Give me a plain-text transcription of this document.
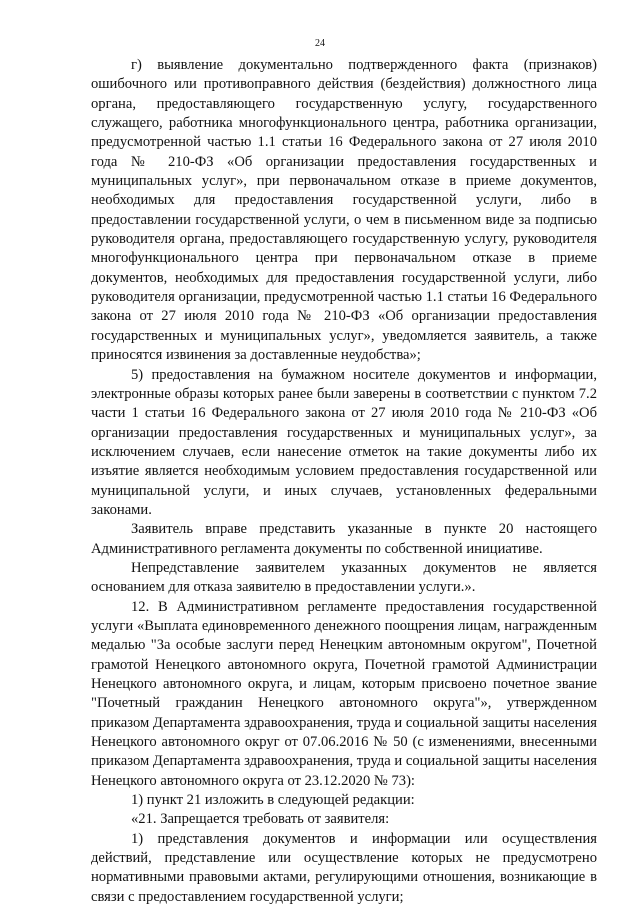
24

г) выявление документально подтвержденного факта (признаков) ошибочного или противоправного действия (бездействия) должностного лица органа, предоставляющего государственную услугу, государственного служащего, работника многофункционального центра, работника организации, предусмотренной частью 1.1 статьи 16 Федерального закона от 27 июля 2010 года № 210-ФЗ «Об организации предоставления государственных и муниципальных услуг», при первоначальном отказе в приеме документов, необходимых для предоставления государственной услуги, либо в предоставлении государственной услуги, о чем в письменном виде за подписью руководителя органа, предоставляющего государственную услугу, руководителя многофункционального центра при первоначальном отказе в приеме документов, необходимых для предоставления государственной услуги, либо руководителя организации, предусмотренной частью 1.1 статьи 16 Федерального закона от 27 июля 2010 года № 210-ФЗ «Об организации предоставления государственных и муниципальных услуг», уведомляется заявитель, а также приносятся извинения за доставленные неудобства»;

5) предоставления на бумажном носителе документов и информации, электронные образы которых ранее были заверены в соответствии с пунктом 7.2 части 1 статьи 16 Федерального закона от 27 июля 2010 года № 210-ФЗ «Об организации предоставления государственных и муниципальных услуг», за исключением случаев, если нанесение отметок на такие документы либо их изъятие является необходимым условием предоставления государственной или муниципальной услуги, и иных случаев, установленных федеральными законами.

Заявитель вправе представить указанные в пункте 20 настоящего Административного регламента документы по собственной инициативе.

Непредставление заявителем указанных документов не является основанием для отказа заявителю в предоставлении услуги.».

12. В Административном регламенте предоставления государственной услуги «Выплата единовременного денежного поощрения лицам, награжденным медалью "За особые заслуги перед Ненецким автономным округом", Почетной грамотой Ненецкого автономного округа, Почетной грамотой Администрации Ненецкого автономного округа, и лицам, которым присвоено почетное звание "Почетный гражданин Ненецкого автономного округа"», утвержденном приказом Департамента здравоохранения, труда и социальной защиты населения Ненецкого автономного округ от 07.06.2016 № 50 (с изменениями, внесенными приказом Департамента здравоохранения, труда и социальной защиты населения Ненецкого автономного округа от 23.12.2020 № 73):

1) пункт 21 изложить в следующей редакции:

«21. Запрещается требовать от заявителя:

1) представления документов и информации или осуществления действий, представление или осуществление которых не предусмотрено нормативными правовыми актами, регулирующими отношения, возникающие в связи с предоставлением государственной услуги;
